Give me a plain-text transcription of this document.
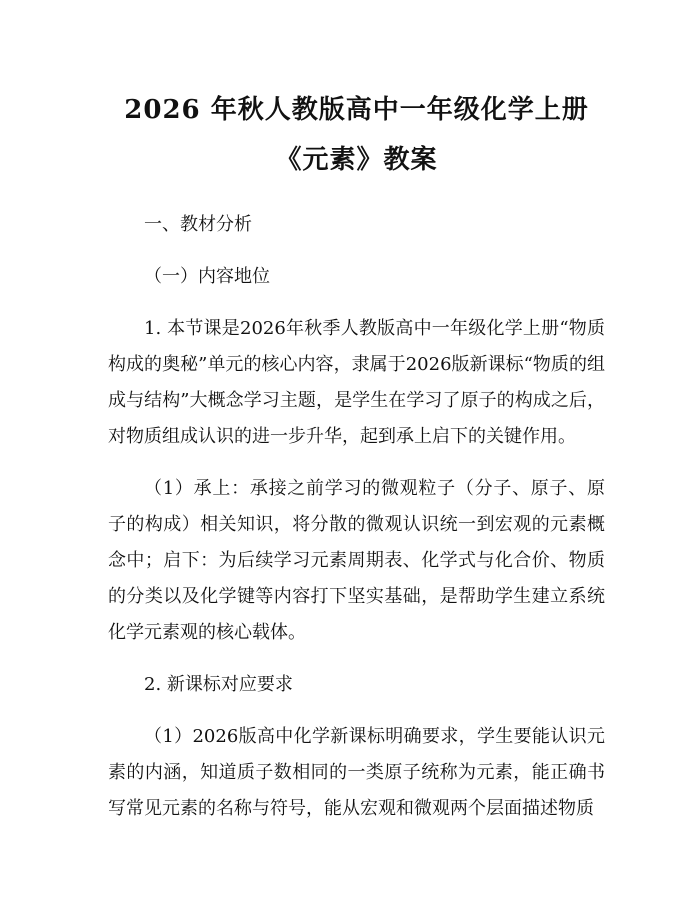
2026 年秋人教版高中一年级化学上册《元素》教案

一、教材分析

（一）内容地位

1. 本节课是2026年秋季人教版高中一年级化学上册“物质构成的奥秘”单元的核心内容，隶属于2026版新课标“物质的组成与结构”大概念学习主题，是学生在学习了原子的构成之后，对物质组成认识的进一步升华，起到承上启下的关键作用。

（1）承上：承接之前学习的微观粒子（分子、原子、原子的构成）相关知识，将分散的微观认识统一到宏观的元素概念中；启下：为后续学习元素周期表、化学式与化合价、物质的分类以及化学键等内容打下坚实基础，是帮助学生建立系统化学元素观的核心载体。

2. 新课标对应要求

（1）2026版高中化学新课标明确要求，学生要能认识元素的内涵，知道质子数相同的一类原子统称为元素，能正确书写常见元素的名称与符号，能从宏观和微观两个层面描述物质
